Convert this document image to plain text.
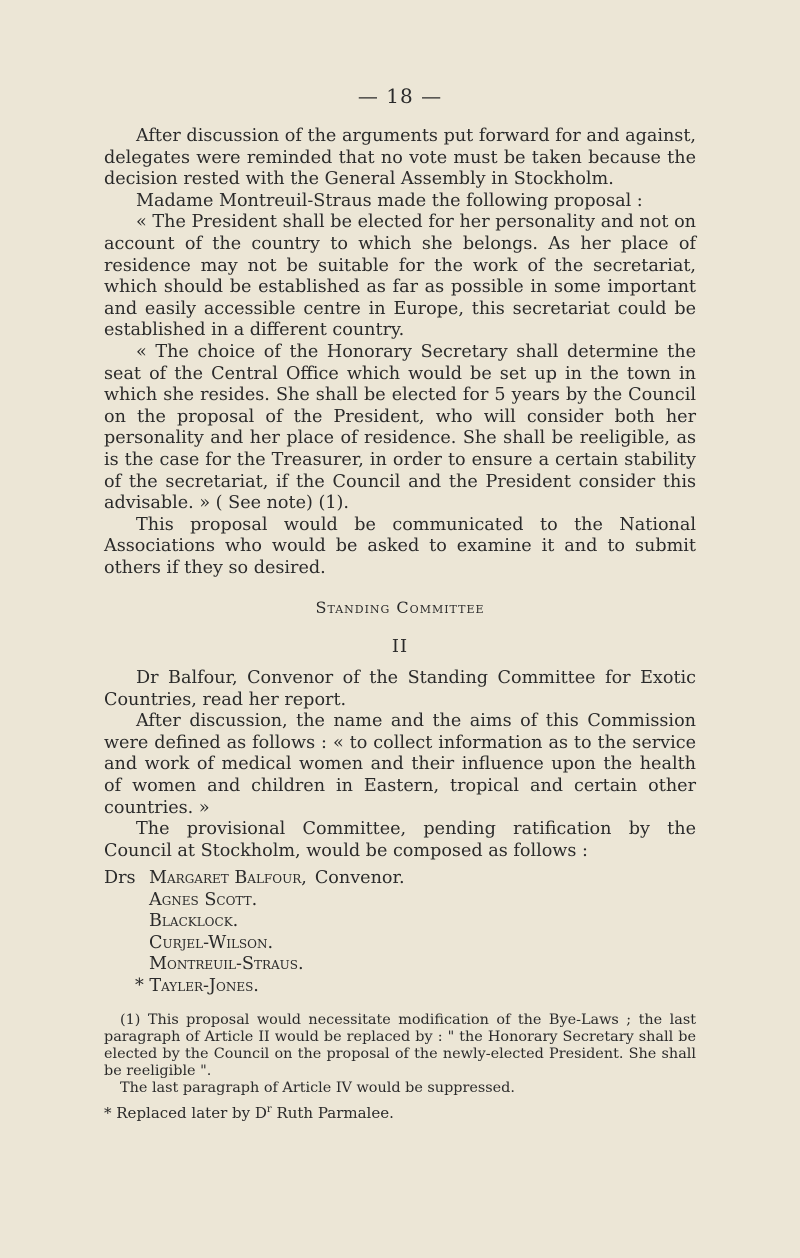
— 18 —

After discussion of the arguments put forward for and against, delegates were reminded that no vote must be taken because the decision rested with the General Assembly in Stockholm.

Madame Montreuil-Straus made the following proposal :

« The President shall be elected for her personality and not on account of the country to which she belongs. As her place of residence may not be suitable for the work of the secretariat, which should be established as far as possible in some important and easily accessible centre in Europe, this secretariat could be established in a different country.

« The choice of the Honorary Secretary shall determine the seat of the Central Office which would be set up in the town in which she resides. She shall be elected for 5 years by the Council on the proposal of the President, who will consider both her personality and her place of residence. She shall be reeligible, as is the case for the Treasurer, in order to ensure a certain stability of the secretariat, if the Council and the President consider this advisable. » ( See note) (1).

This proposal would be communicated to the National Associations who would be asked to examine it and to submit others if they so desired.

Standing Committee
II

Dr Balfour, Convenor of the Standing Committee for Exotic Countries, read her report.

After discussion, the name and the aims of this Commission were defined as follows : « to collect information as to the service and work of medical women and their influence upon the health of women and children in Eastern, tropical and certain other countries. »

The provisional Committee, pending ratification by the Council at Stockholm, would be composed as follows :

Drs Margaret Balfour, Convenor.
Agnes Scott.
Blacklock.
Curjel-Wilson.
Montreuil-Straus.
* Tayler-Jones.

(1) This proposal would necessitate modification of the Bye-Laws ; the last paragraph of Article II would be replaced by : " the Honorary Secretary shall be elected by the Council on the proposal of the newly-elected President. She shall be reeligible ".

The last paragraph of Article IV would be suppressed.

* Replaced later by $D^r$ Ruth Parmalee.
